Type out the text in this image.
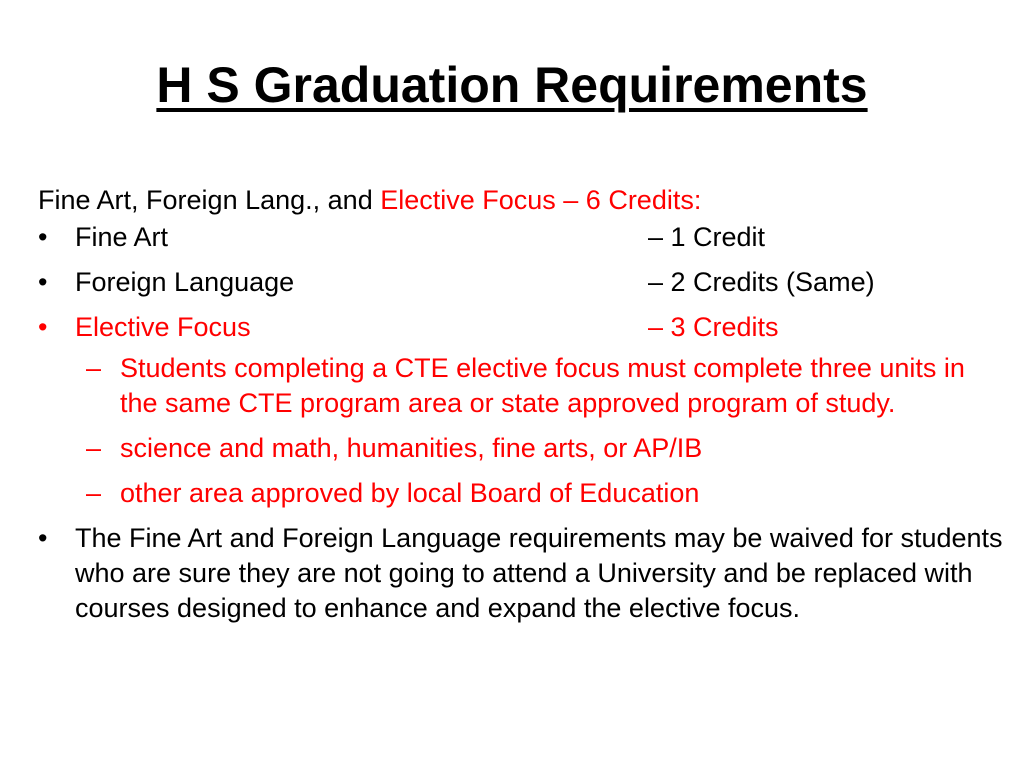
H S Graduation Requirements
Fine Art, Foreign Lang., and Elective Focus – 6 Credits:
• Fine Art	– 1 Credit
• Foreign Language	– 2 Credits (Same)
• Elective Focus	– 3 Credits
– Students completing a CTE elective focus must complete three units in the same CTE program area or state approved program of study.
– science and math, humanities, fine arts, or AP/IB
– other area approved by local Board of Education
• The Fine Art and Foreign Language requirements may be waived for students who are sure they are not going to attend a University and be replaced with courses designed to enhance and expand the elective focus.
